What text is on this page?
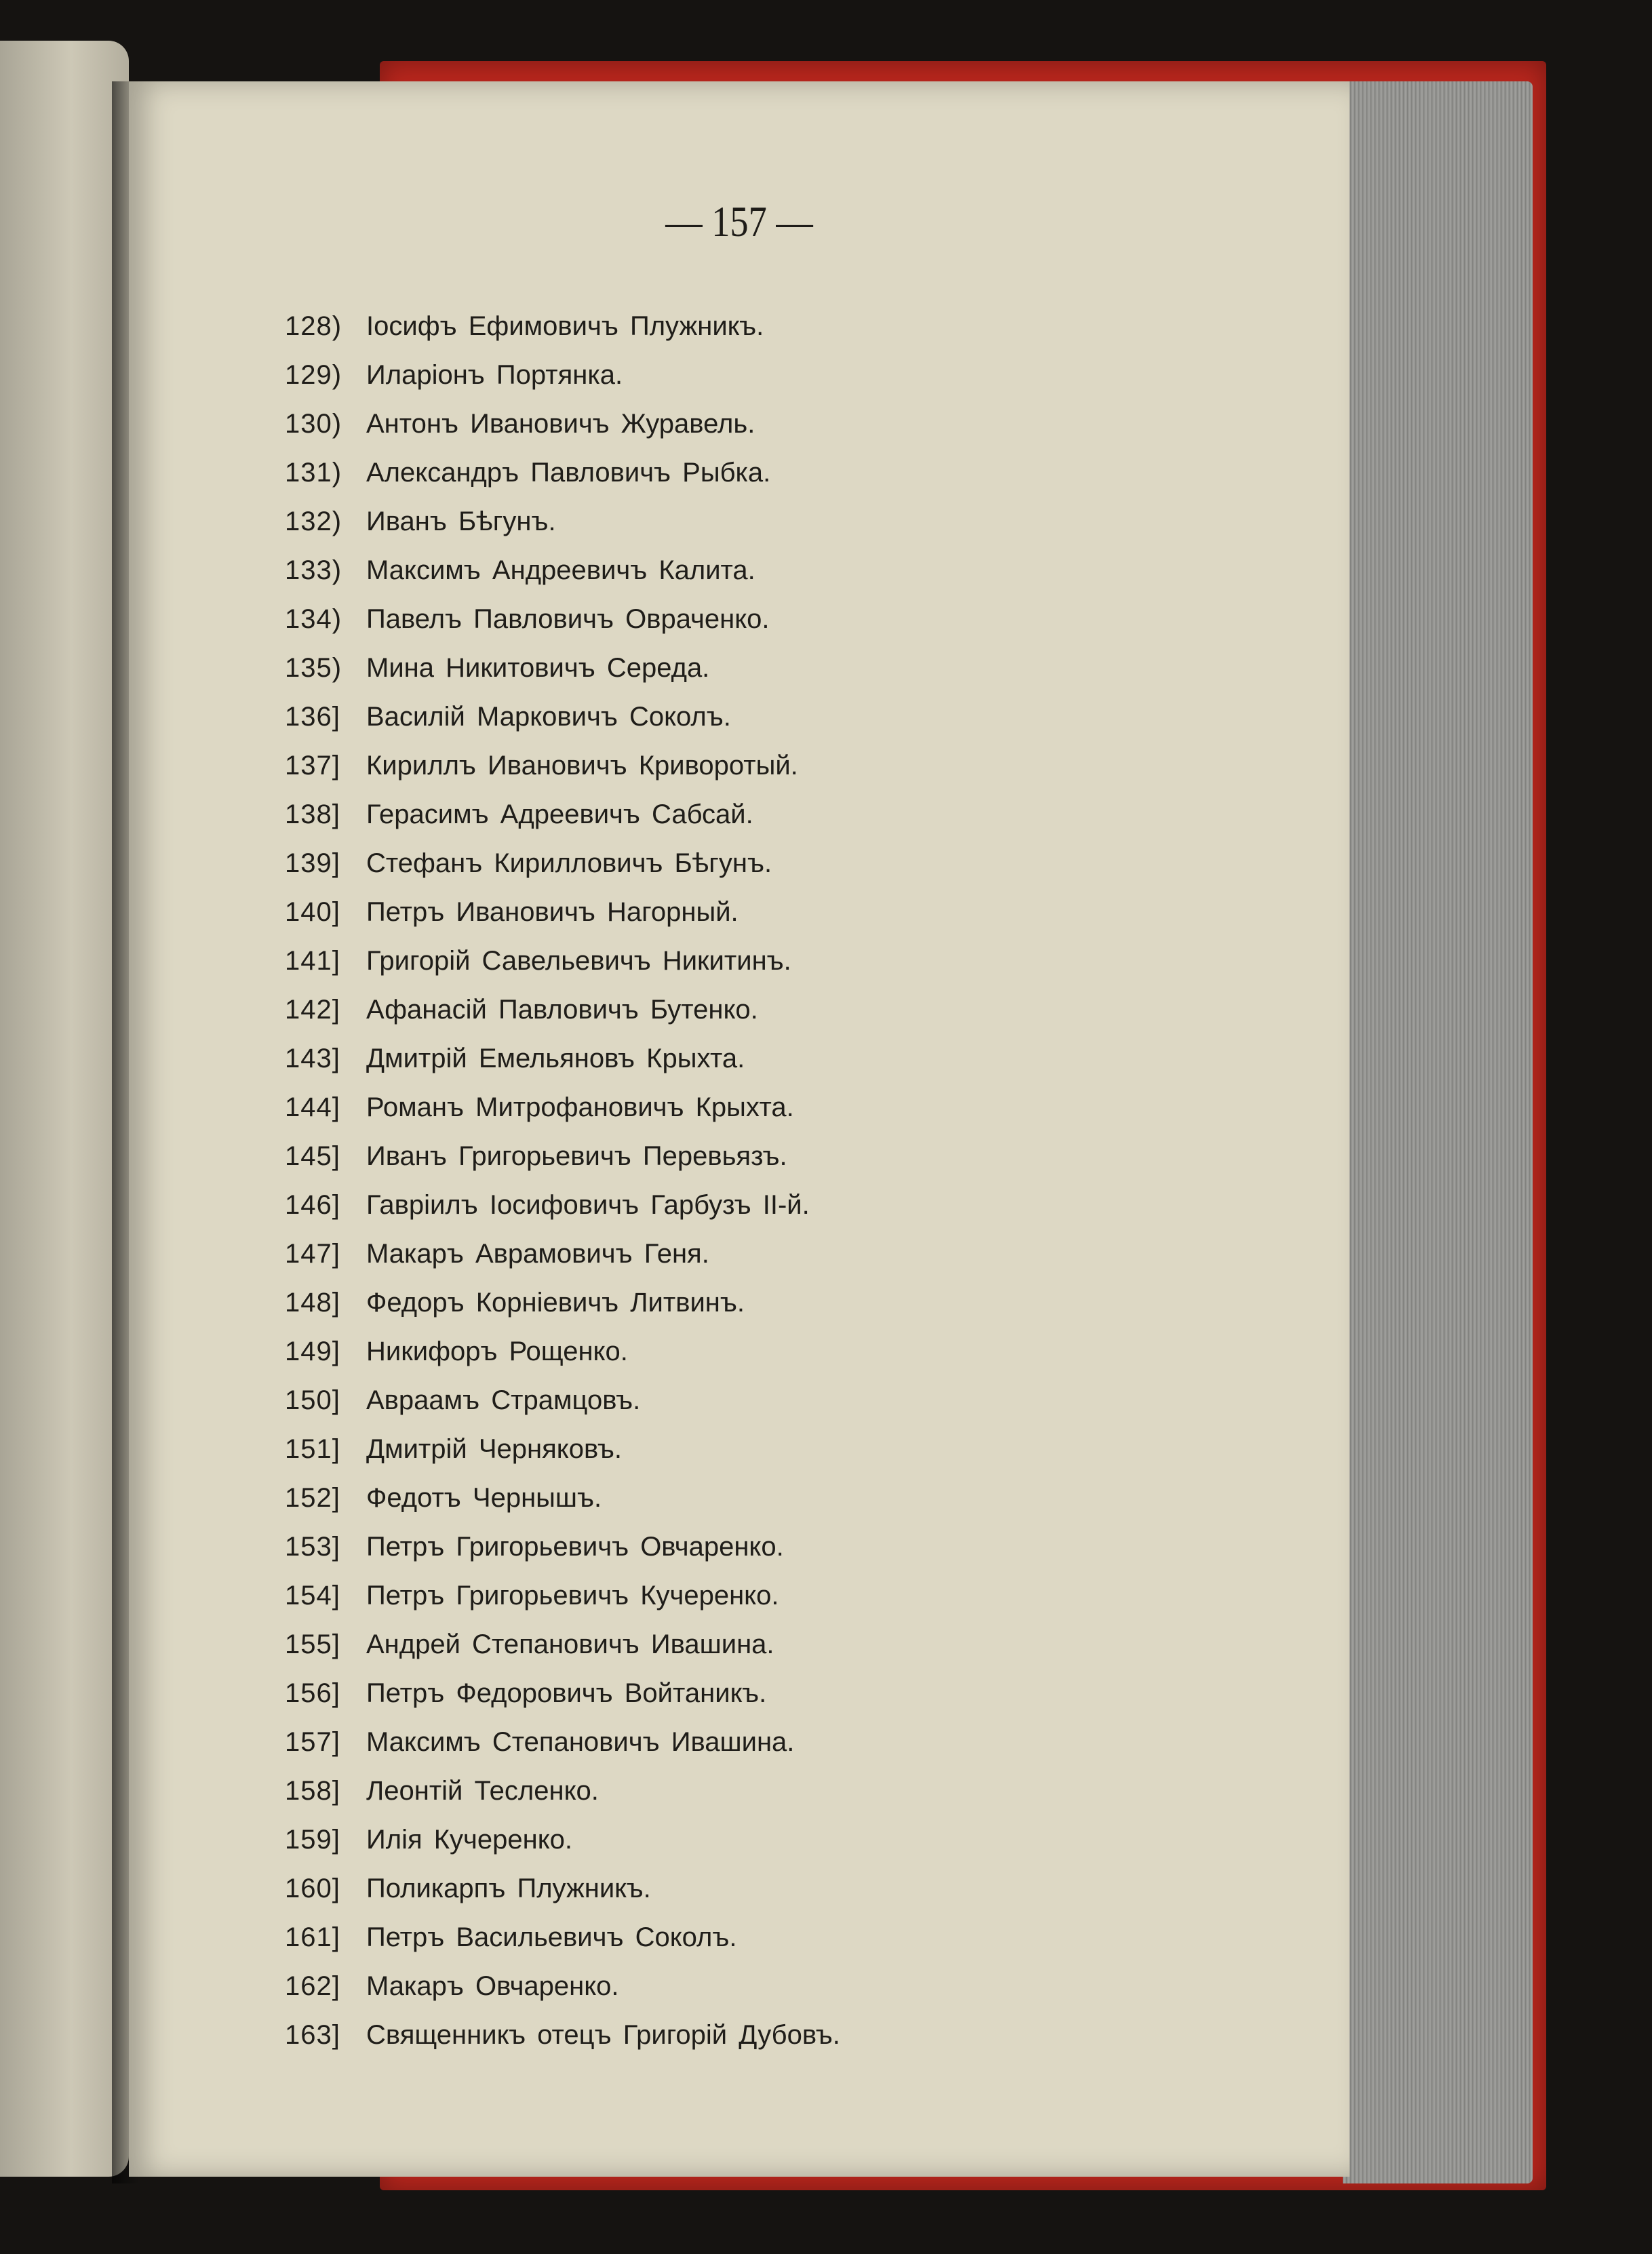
— 157 —
128) Іосифъ Ефимовичъ Плужникъ.
129) Иларіонъ Портянка.
130) Антонъ Ивановичъ Журавель.
131) Александръ Павловичъ Рыбка.
132) Иванъ Бѣгунъ.
133) Максимъ Андреевичъ Калита.
134) Павелъ Павловичъ Овраченко.
135) Мина Никитовичъ Середа.
136] Василій Марковичъ Соколъ.
137] Кириллъ Ивановичъ Криворотый.
138] Герасимъ Адреевичъ Сабсай.
139] Стефанъ Кирилловичъ Бѣгунъ.
140] Петръ Ивановичъ Нагорный.
141] Григорій Савельевичъ Никитинъ.
142] Афанасій Павловичъ Бутенко.
143] Дмитрій Емельяновъ Крыхта.
144] Романъ Митрофановичъ Крыхта.
145] Иванъ Григорьевичъ Перевьязъ.
146] Гавріилъ Іосифовичъ Гарбузъ II-й.
147] Макаръ Аврамовичъ Геня.
148] Федоръ Корніевичъ Литвинъ.
149] Никифоръ Рощенко.
150] Авраамъ Страмцовъ.
151] Дмитрій Черняковъ.
152] Федотъ Чернышъ.
153] Петръ Григорьевичъ Овчаренко.
154] Петръ Григорьевичъ Кучеренко.
155] Андрей Степановичъ Ивашина.
156] Петръ Федоровичъ Войтаникъ.
157] Максимъ Степановичъ Ивашина.
158] Леонтій Тесленко.
159] Илія Кучеренко.
160] Поликарпъ Плужникъ.
161] Петръ Васильевичъ Соколъ.
162] Макаръ Овчаренко.
163] Священникъ отецъ Григорій Дубовъ.
